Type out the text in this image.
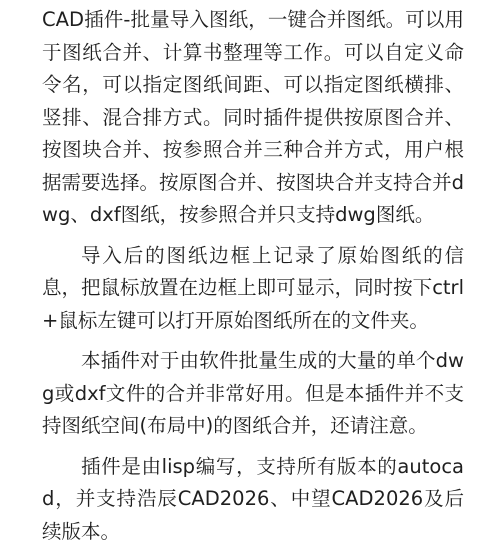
CAD插件-批量导入图纸，一键合并图纸。可以用于图纸合并、计算书整理等工作。可以自定义命令名，可以指定图纸间距、可以指定图纸横排、竖排、混合排方式。同时插件提供按原图合并、按图块合并、按参照合并三种合并方式，用户根据需要选择。按原图合并、按图块合并支持合并dwg、dxf图纸，按参照合并只支持dwg图纸。

导入后的图纸边框上记录了原始图纸的信息，把鼠标放置在边框上即可显示，同时按下ctrl+鼠标左键可以打开原始图纸所在的文件夹。

本插件对于由软件批量生成的大量的单个dwg或dxf文件的合并非常好用。但是本插件并不支持图纸空间(布局中)的图纸合并，还请注意。

插件是由lisp编写，支持所有版本的autocad，并支持浩辰CAD2026、中望CAD2026及后续版本。
